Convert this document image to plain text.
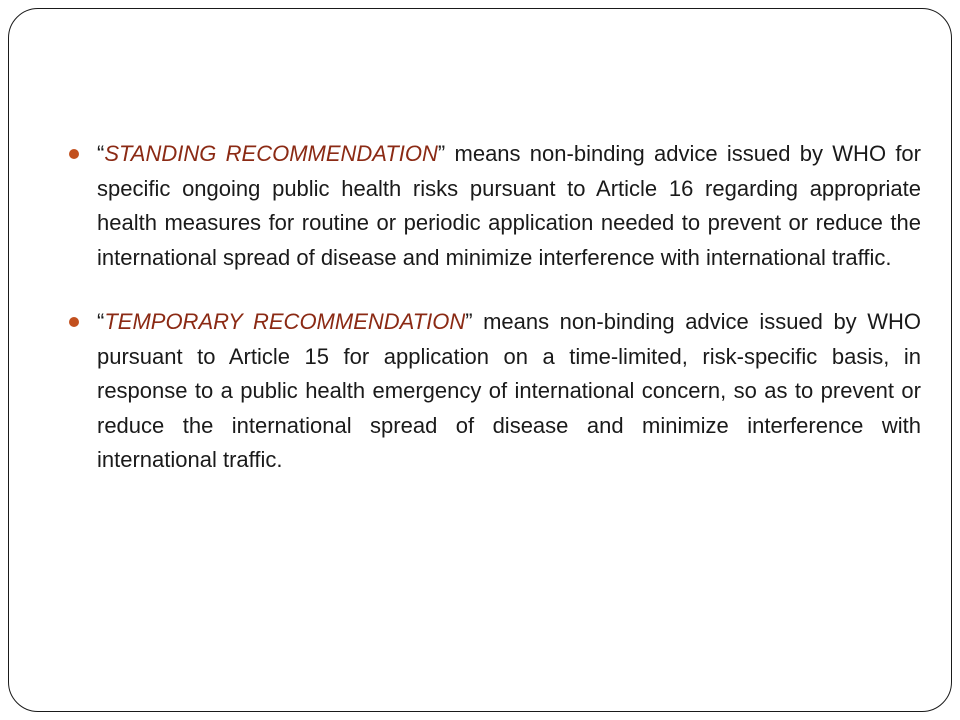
“STANDING RECOMMENDATION” means non-binding advice issued by WHO for specific ongoing public health risks pursuant to Article 16 regarding appropriate health measures for routine or periodic application needed to prevent or reduce the international spread of disease and minimize interference with international traffic.

“TEMPORARY RECOMMENDATION” means non-binding advice issued by WHO pursuant to Article 15 for application on a time-limited, risk-specific basis, in response to a public health emergency of international concern, so as to prevent or reduce the international spread of disease and minimize interference with international traffic.
